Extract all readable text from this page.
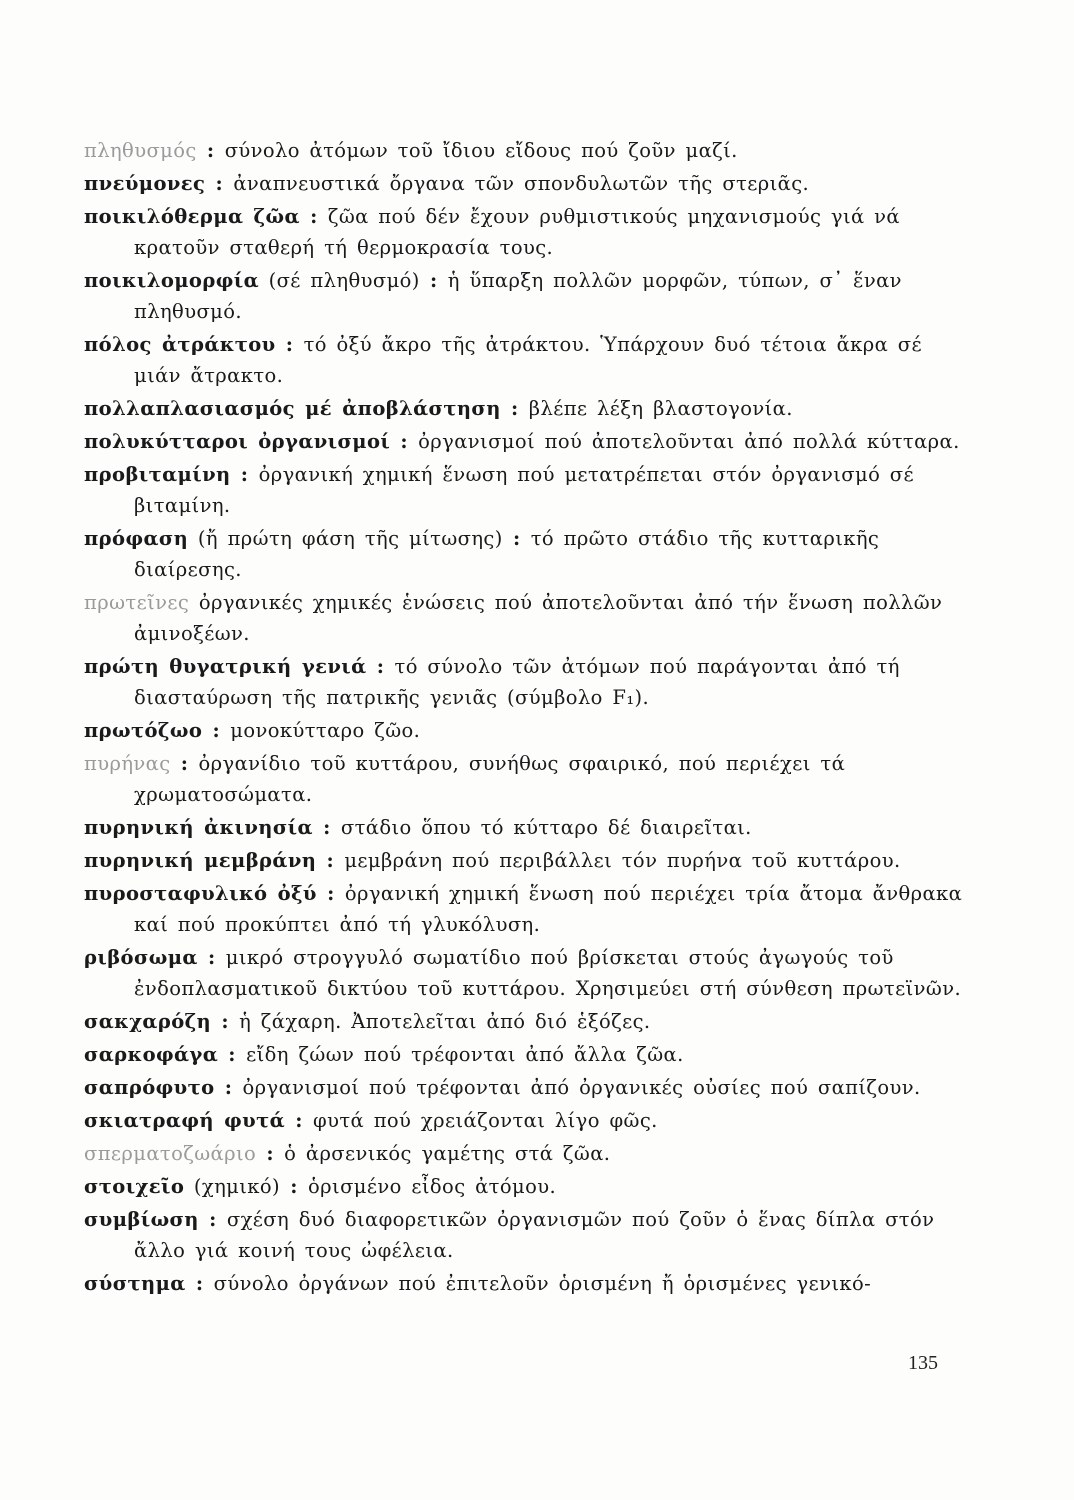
πληθυσμός : σύνολο ἀτόμων τοῦ ἴδιου εἴδους πού ζοῦν μαζί.

πνεύμονες : ἀναπνευστικά ὄργανα τῶν σπονδυλωτῶν τῆς στεριᾶς.

ποικιλόθερμα ζῶα : ζῶα πού δέν ἔχουν ρυθμιστικούς μηχανισμούς γιά νά κρατοῦν σταθερή τή θερμοκρασία τους.

ποικιλομορφία (σέ πληθυσμό) : ἡ ὕπαρξη πολλῶν μορφῶν, τύπων, σ᾽ ἕναν πληθυσμό.

πόλος ἀτράκτου : τό ὀξύ ἄκρο τῆς ἀτράκτου. Ὑπάρχουν δυό τέτοια ἄκρα σέ μιάν ἄτρακτο.

πολλαπλασιασμός μέ ἀποβλάστηση : βλέπε λέξη βλαστογονία.

πολυκύτταροι ὀργανισμοί : ὀργανισμοί πού ἀποτελοῦνται ἀπό πολλά κύτταρα.

προβιταμίνη : ὀργανική χημική ἕνωση πού μετατρέπεται στόν ὀργανισμό σέ βιταμίνη.

πρόφαση (ἤ πρώτη φάση τῆς μίτωσης) : τό πρῶτο στάδιο τῆς κυτταρικῆς διαίρεσης.

πρωτεῖνες ὀργανικές χημικές ἑνώσεις πού ἀποτελοῦνται ἀπό τήν ἕνωση πολλῶν ἀμινοξέων.

πρώτη θυγατρική γενιά : τό σύνολο τῶν ἀτόμων πού παράγονται ἀπό τή διασταύρωση τῆς πατρικῆς γενιᾶς (σύμβολο F₁).

πρωτόζωο : μονοκύτταρο ζῶο.

πυρήνας : ὀργανίδιο τοῦ κυττάρου, συνήθως σφαιρικό, πού περιέχει τά χρωματοσώματα.

πυρηνική ἀκινησία : στάδιο ὅπου τό κύτταρο δέ διαιρεῖται.

πυρηνική μεμβράνη : μεμβράνη πού περιβάλλει τόν πυρήνα τοῦ κυττάρου.

πυροσταφυλικό ὀξύ : ὀργανική χημική ἕνωση πού περιέχει τρία ἄτομα ἄνθρακα καί πού προκύπτει ἀπό τή γλυκόλυση.

ριβόσωμα : μικρό στρογγυλό σωματίδιο πού βρίσκεται στούς ἀγωγούς τοῦ ἐνδοπλασματικοῦ δικτύου τοῦ κυττάρου. Χρησιμεύει στή σύνθεση πρωτεϊνῶν.

σακχαρόζη : ἡ ζάχαρη. Ἀποτελεῖται ἀπό διό ἑξόζες.

σαρκοφάγα : εἴδη ζώων πού τρέφονται ἀπό ἄλλα ζῶα.

σαπρόφυτο : ὀργανισμοί πού τρέφονται ἀπό ὀργανικές οὐσίες πού σαπίζουν.

σκιατραφή φυτά : φυτά πού χρειάζονται λίγο φῶς.

σπερματοζωάριο : ὁ ἀρσενικός γαμέτης στά ζῶα.

στοιχεῖο (χημικό) : ὁρισμένο εἶδος ἀτόμου.

συμβίωση : σχέση δυό διαφορετικῶν ὀργανισμῶν πού ζοῦν ὁ ἕνας δίπλα στόν ἄλλο γιά κοινή τους ὠφέλεια.

σύστημα : σύνολο ὀργάνων πού ἐπιτελοῦν ὁρισμένη ἤ ὁρισμένες γενικό-

135
